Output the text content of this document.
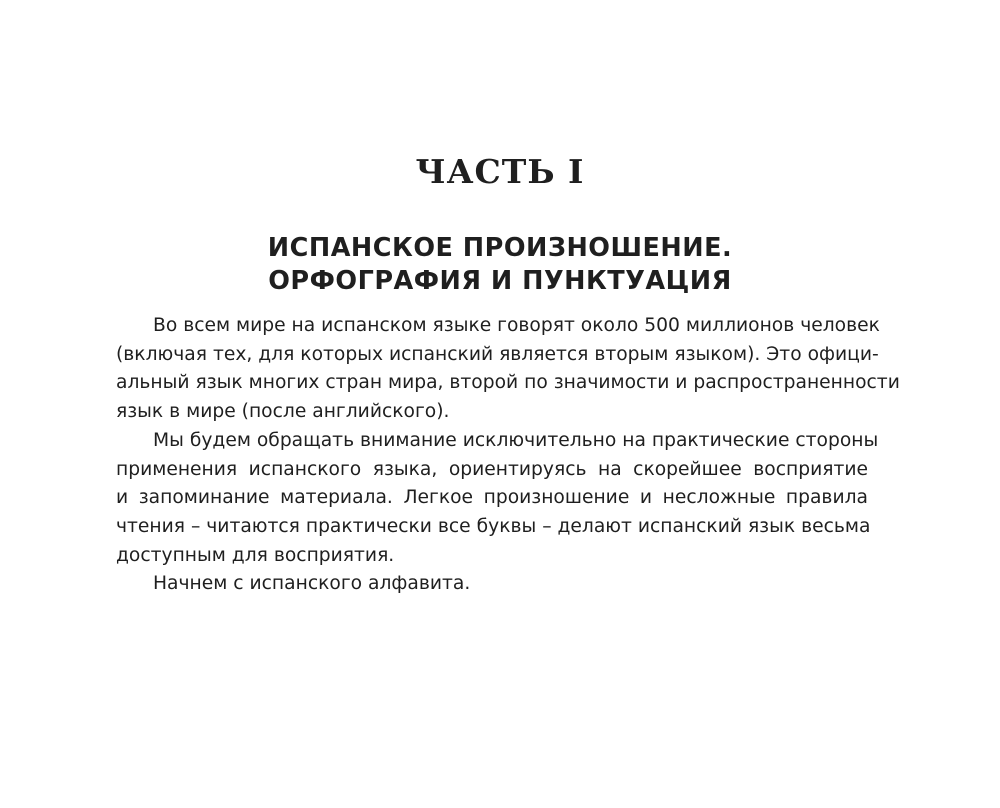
ЧАСТЬ I
ИСПАНСКОЕ ПРОИЗНОШЕНИЕ.
ОРФОГРАФИЯ И ПУНКТУАЦИЯ

Во всем мире на испанском языке говорят около 500 миллионов человек
(включая тех, для которых испанский является вторым языком). Это офици-
альный язык многих стран мира, второй по значимости и распространенности
язык в мире (после английского).

Мы будем обращать внимание исключительно на практические стороны
применения испанского языка, ориентируясь на скорейшее восприятие
и запоминание материала. Легкое произношение и несложные правила
чтения – читаются практически все буквы – делают испанский язык весьма
доступным для восприятия.

Начнем с испанского алфавита.
